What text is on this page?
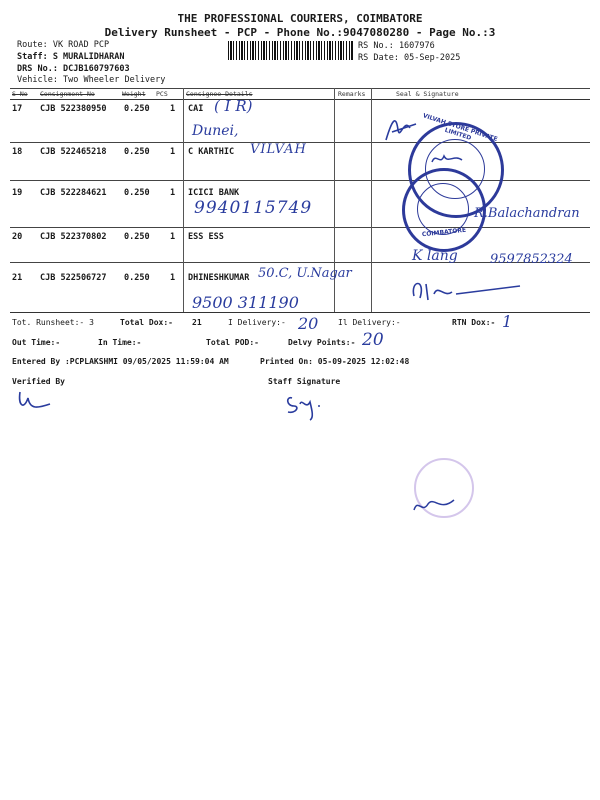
THE PROFESSIONAL COURIERS, COIMBATORE
Delivery Runsheet - PCP - Phone No.:9047080280 - Page No.:3
Route: VK ROAD PCP
Staff: S MURALIDHARAN
DRS No.: DCJB160797603
Vehicle: Two Wheeler Delivery
RS No.: 1607976
RS Date: 05-Sep-2025
S No Consignment No	Weight PCS	Consignee Details	Remarks	Seal & Signature
17 CJB 522380950 0.250 1 CAI ( I R)
Dunei,
18 CJB 522465218 0.250 1 C KARTHIC VILVAH
19 CJB 522284621 0.250 1 ICICI BANK
9940115749
20 CJB 522370802 0.250 1 ESS ESS
21 CJB 522506727 0.250 1 DHINESHKUMAR 50.C, U.Nagar
9500 311190
VILVAH STORE PRIVATE LIMITED
COIMBATORE
R.Balachandran
K lang 9597852324
Tot. Runsheet:- 3	Total Dox:- 21	I Delivery:- 20 Il Delivery:-	RTN Dox:- 1
Out Time:-	In Time:-	Total POD:-	Delvy Points:- 20
Entered By :PCPLAKSHMI 09/05/2025 11:59:04 AM	Printed On: 05-09-2025 12:02:48
Verified By	Staff Signature
